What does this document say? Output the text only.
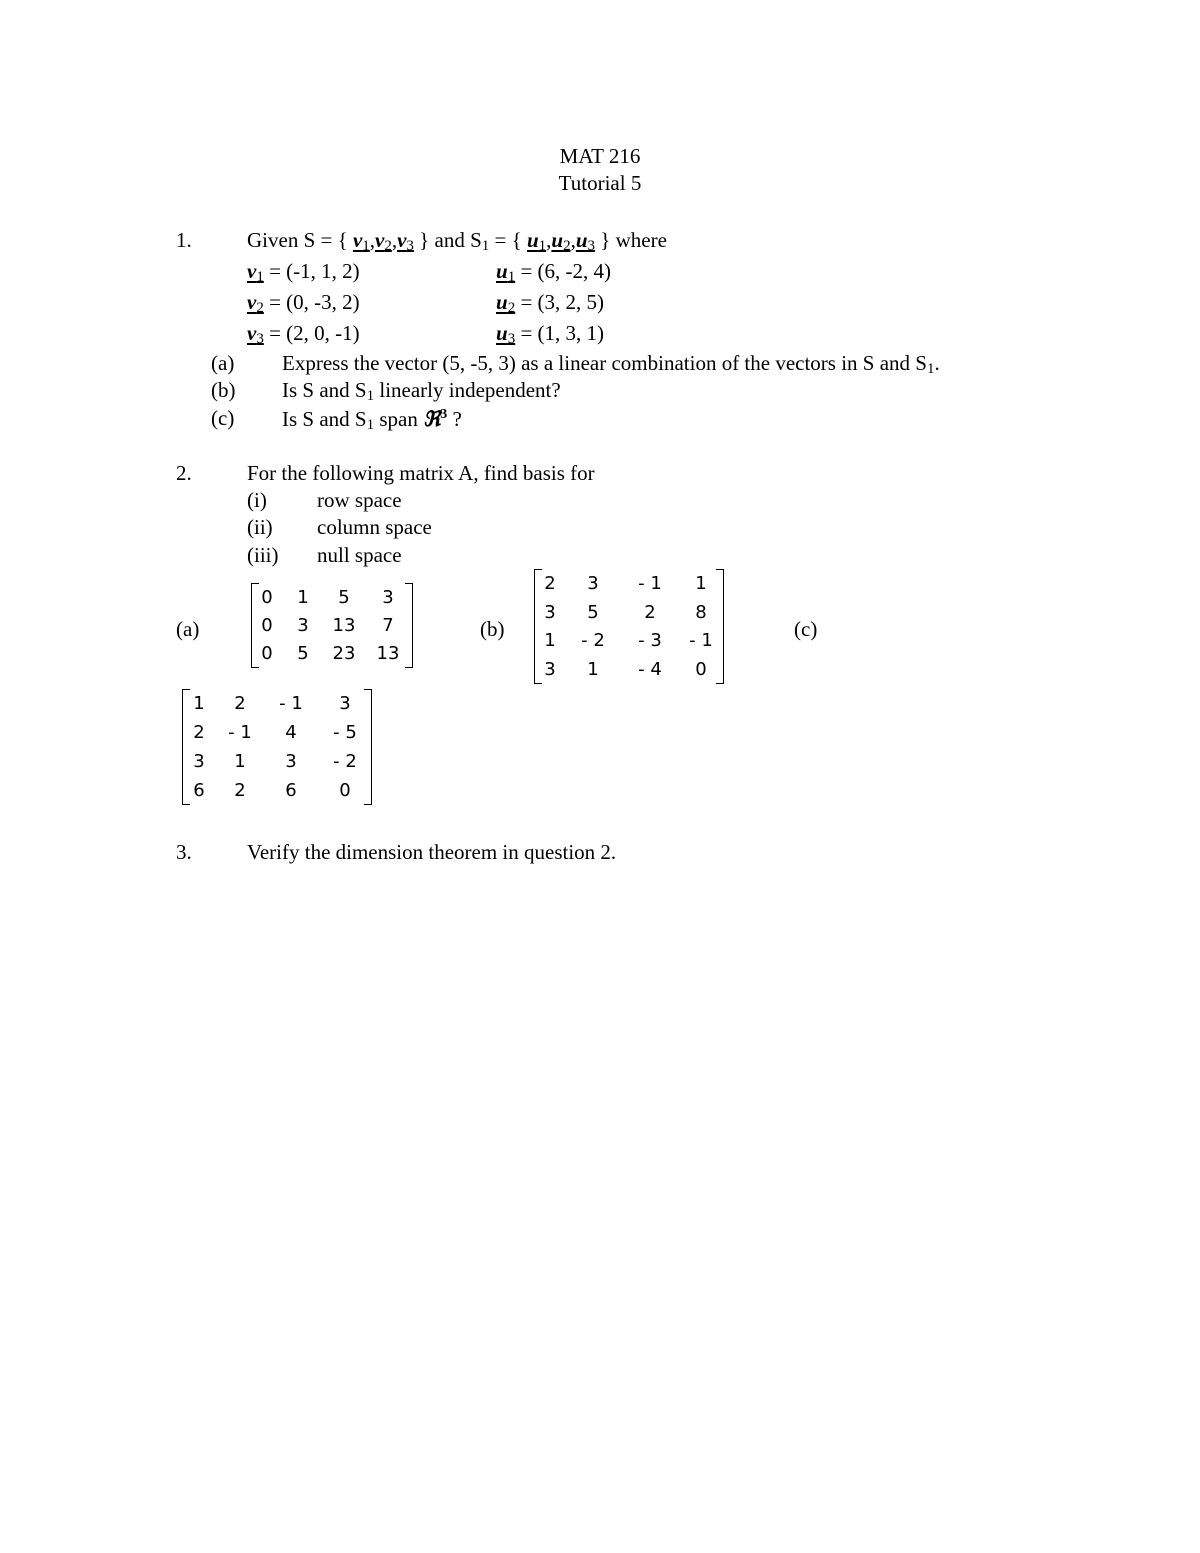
MAT 216
Tutorial 5
1.	Given S = { $v_1,v_2,v_3$ } and $S_1$ = { $u_1,u_2,u_3$ } where
$v_1 = (-1$, 1, 2)	$u_1 = (6$, -2, 4)
$v_2 = (0$, -3, 2)	$u_2 = (3$, 2, 5)
$v_3 = (2$, 0, -1)	$u_3 = (1$, 3, 1)
(a) Express the vector (5, -5, 3) as a linear combination of the vectors in S and $S_1$.
(b) Is S and $S_1$ linearly independent?
(c) Is S and $S_1$ span ℜ$^3$ ?
2.	For the following matrix A, find basis for
(i) row space
(ii) column space
(iii) null space
(a)
0 1 5 3
0 3 13 7
0 5 23 13
(b)
2 3 - 1 1
3 5	2 8
1 - 2 - 3 - 1
3 1 - 4 0
(c)
1 2 - 1 3
2 - 1 4 - 5
3 1 3 - 2
6 2 6 0
3.	Verify the dimension theorem in question 2.
